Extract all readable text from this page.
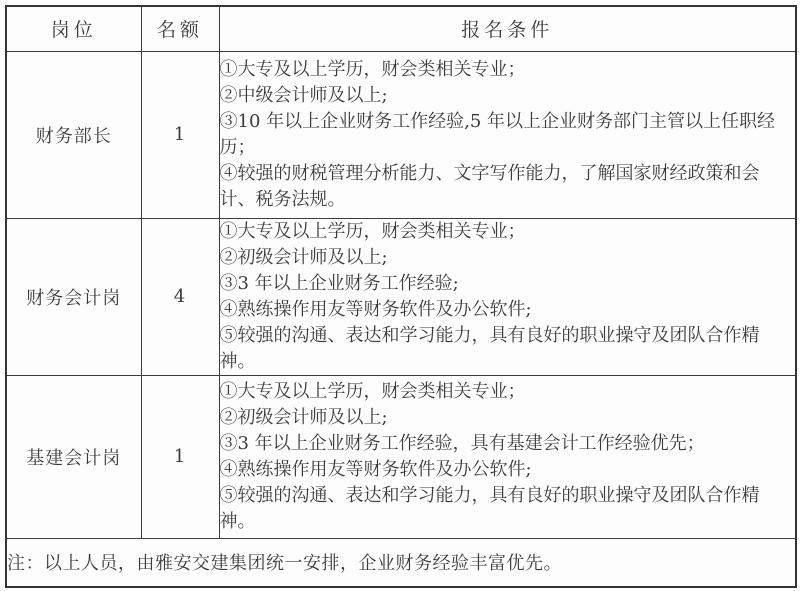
岗位	名额	报名条件
财务部长	1	①大专及以上学历，财会类相关专业；
②中级会计师及以上;
③10 年以上企业财务工作经验,5 年以上企业财务部门主管以上任职经历；
④较强的财税管理分析能力、文字写作能力，了解国家财经政策和会计、税务法规。

财务会计岗	4	①大专及以上学历，财会类相关专业；
②初级会计师及以上;
③3 年以上企业财务工作经验;
④熟练操作用友等财务软件及办公软件;
⑤较强的沟通、表达和学习能力，具有良好的职业操守及团队合作精神。

基建会计岗	1	①大专及以上学历，财会类相关专业；
②初级会计师及以上;
③3 年以上企业财务工作经验，具有基建会计工作经验优先；
④熟练操作用友等财务软件及办公软件;
⑤较强的沟通、表达和学习能力，具有良好的职业操守及团队合作精神。

注：以上人员，由雅安交建集团统一安排，企业财务经验丰富优先。		
